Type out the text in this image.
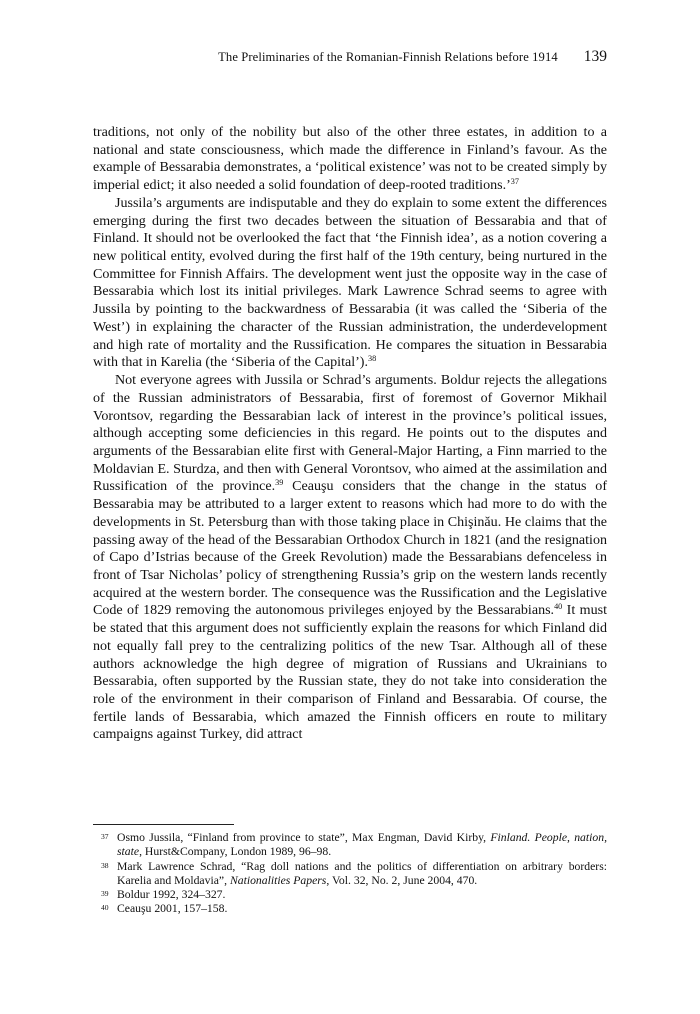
The Preliminaries of the Romanian-Finnish Relations before 1914 139

traditions, not only of the nobility but also of the other three estates, in addition to a national and state consciousness, which made the difference in Finland’s favour. As the example of Bessarabia demonstrates, a ‘political existence’ was not to be created simply by imperial edict; it also needed a solid foundation of deep-rooted traditions.’$^{37}$

Jussila’s arguments are indisputable and they do explain to some extent the differences emerging during the first two decades between the situation of Bessarabia and that of Finland. It should not be overlooked the fact that ‘the Finnish idea’, as a notion covering a new political entity, evolved during the first half of the 19th century, being nurtured in the Committee for Finnish Affairs. The development went just the opposite way in the case of Bessarabia which lost its initial privileges. Mark Lawrence Schrad seems to agree with Jussila by pointing to the backwardness of Bessarabia (it was called the ‘Siberia of the West’) in explaining the character of the Russian administration, the underdevelopment and high rate of mortality and the Russification. He compares the situation in Bessarabia with that in Karelia (the ‘Siberia of the Capital’).$^{38}$

Not everyone agrees with Jussila or Schrad’s arguments. Boldur rejects the allegations of the Russian administrators of Bessarabia, first of foremost of Governor Mikhail Vorontsov, regarding the Bessarabian lack of interest in the province’s political issues, although accepting some deficiencies in this regard. He points out to the disputes and arguments of the Bessarabian elite first with General-Major Harting, a Finn married to the Moldavian E. Sturdza, and then with General Vorontsov, who aimed at the assimilation and Russification of the province.$^{39}$ Ceauşu considers that the change in the status of Bessarabia may be attributed to a larger extent to reasons which had more to do with the developments in St. Petersburg than with those taking place in Chişinău. He claims that the passing away of the head of the Bessarabian Orthodox Church in 1821 (and the resignation of Capo d’Istrias because of the Greek Revolution) made the Bessarabians defenceless in front of Tsar Nicholas’ policy of strengthening Russia’s grip on the western lands recently acquired at the western border. The consequence was the Russification and the Legislative Code of 1829 removing the autonomous privileges enjoyed by the Bessarabians.$^{40}$ It must be stated that this argument does not sufficiently explain the reasons for which Finland did not equally fall prey to the centralizing politics of the new Tsar. Although all of these authors acknowledge the high degree of migration of Russians and Ukrainians to Bessarabia, often supported by the Russian state, they do not take into consideration the role of the environment in their comparison of Finland and Bessarabia. Of course, the fertile lands of Bessarabia, which amazed the Finnish officers en route to military campaigns against Turkey, did attract

37 Osmo Jussila, “Finland from province to state”, Max Engman, David Kirby, Finland. People, nation, state, Hurst&Company, London 1989, 96–98.
38 Mark Lawrence Schrad, “Rag doll nations and the politics of differentiation on arbitrary borders: Karelia and Moldavia”, Nationalities Papers, Vol. 32, No. 2, June 2004, 470.
39 Boldur 1992, 324–327.
40 Ceauşu 2001, 157–158.
